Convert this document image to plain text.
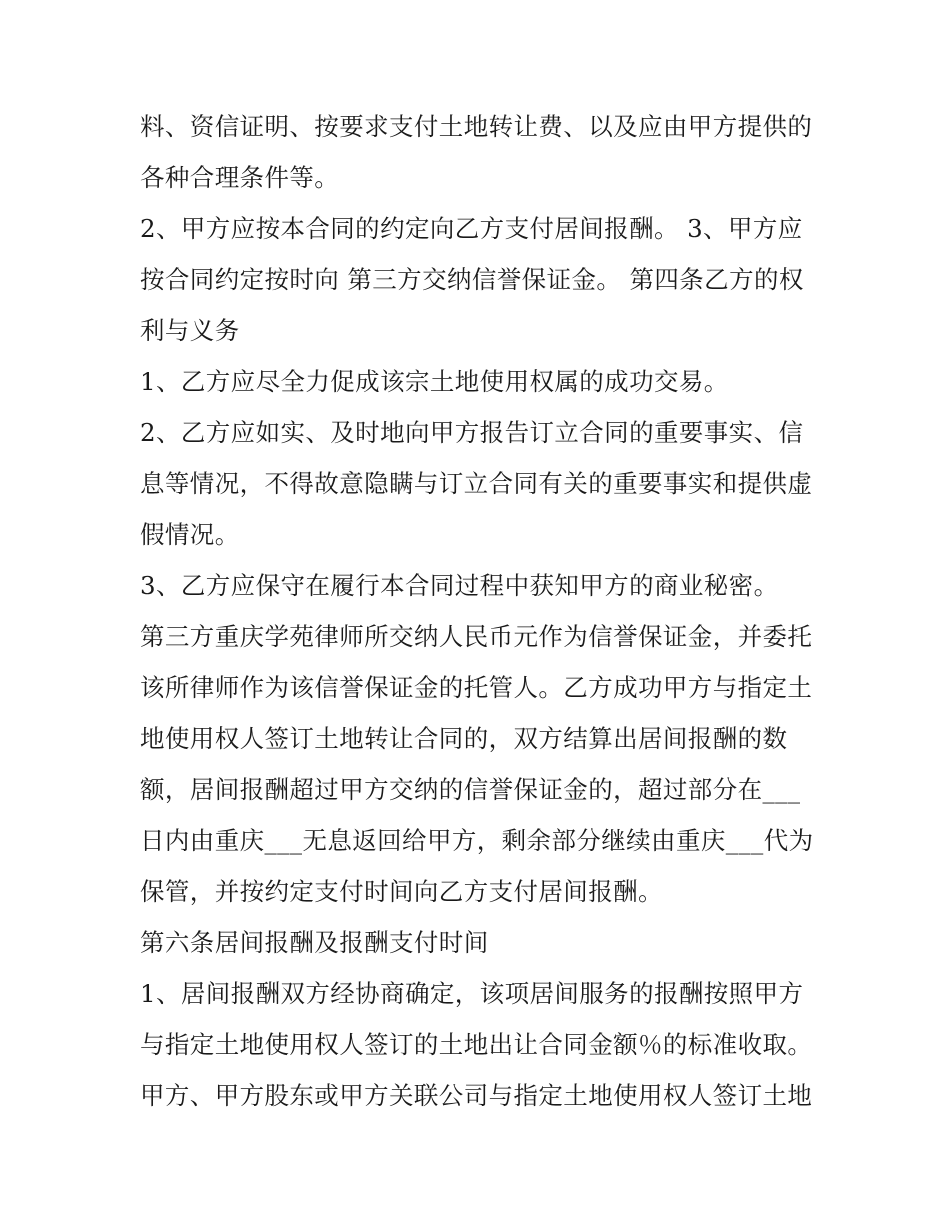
料、资信证明、按要求支付土地转让费、以及应由甲方提供的
各种合理条件等。
2、甲方应按本合同的约定向乙方支付居间报酬。 3、甲方应
按合同约定按时向 第三方交纳信誉保证金。 第四条乙方的权
利与义务
1、乙方应尽全力促成该宗土地使用权属的成功交易。
2、乙方应如实、及时地向甲方报告订立合同的重要事实、信
息等情况，不得故意隐瞒与订立合同有关的重要事实和提供虚
假情况。
3、乙方应保守在履行本合同过程中获知甲方的商业秘密。
第三方重庆学苑律师所交纳人民币元作为信誉保证金，并委托
该所律师作为该信誉保证金的托管人。乙方成功甲方与指定土
地使用权人签订土地转让合同的，双方结算出居间报酬的数
额，居间报酬超过甲方交纳的信誉保证金的，超过部分在___
日内由重庆___无息返回给甲方，剩余部分继续由重庆___代为
保管，并按约定支付时间向乙方支付居间报酬。
第六条居间报酬及报酬支付时间
1、居间报酬双方经协商确定，该项居间服务的报酬按照甲方
与指定土地使用权人签订的土地出让合同金额％的标准收取。
甲方、甲方股东或甲方关联公司与指定土地使用权人签订土地
